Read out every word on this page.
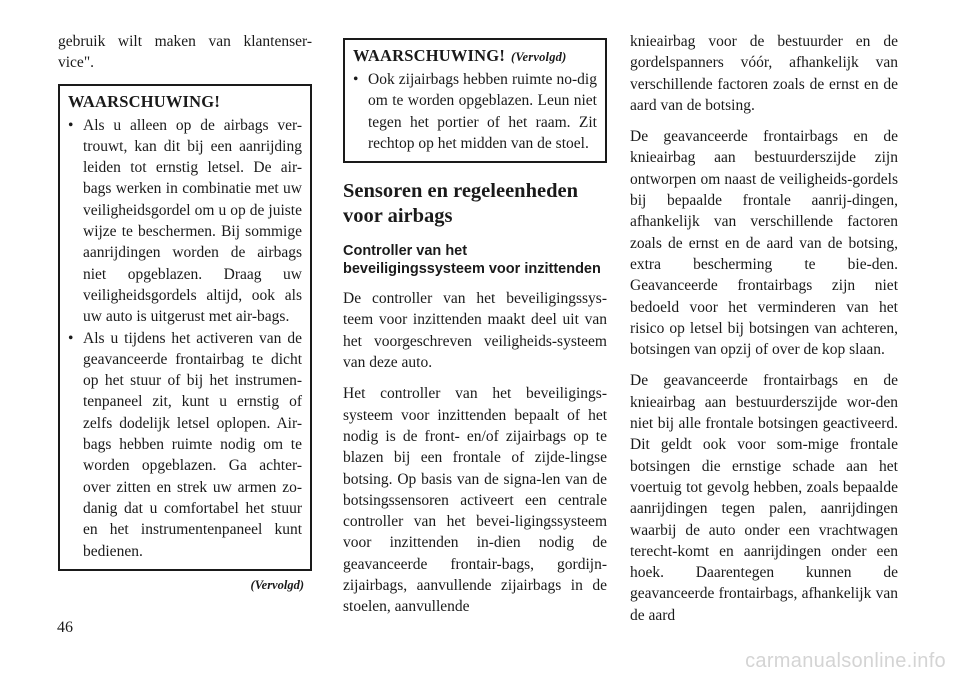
gebruik wilt maken van klantenser-vice".

WAARSCHUWING!
• Als u alleen op de airbags ver-trouwt, kan dit bij een aanrijding leiden tot ernstig letsel. De air-bags werken in combinatie met uw veiligheidsgordel om u op de juiste wijze te beschermen. Bij sommige aanrijdingen worden de airbags niet opgeblazen. Draag uw veiligheidsgordels altijd, ook als uw auto is uitgerust met air-bags.
• Als u tijdens het activeren van de geavanceerde frontairbag te dicht op het stuur of bij het instrumen-tenpaneel zit, kunt u ernstig of zelfs dodelijk letsel oplopen. Air-bags hebben ruimte nodig om te worden opgeblazen. Ga achter-over zitten en strek uw armen zo-danig dat u comfortabel het stuur en het instrumentenpaneel kunt bedienen.
(Vervolgd)
WAARSCHUWING! (Vervolgd)
• Ook zijairbags hebben ruimte no-dig om te worden opgeblazen. Leun niet tegen het portier of het raam. Zit rechtop op het midden van de stoel.
Sensoren en regeleenheden voor airbags
Controller van het beveiligingssysteem voor inzittenden

De controller van het beveiligingssys-teem voor inzittenden maakt deel uit van het voorgeschreven veiligheids-systeem van deze auto.

Het controller van het beveiligings-systeem voor inzittenden bepaalt of het nodig is de front- en/of zijairbags op te blazen bij een frontale of zijde-lingse botsing. Op basis van de signa-len van de botsingssensoren activeert een centrale controller van het bevei-ligingssysteem voor inzittenden in-dien nodig de geavanceerde frontair-bags, gordijn-zijairbags, aanvullende zijairbags in de stoelen, aanvullende

knieairbag voor de bestuurder en de gordelspanners vóór, afhankelijk van verschillende factoren zoals de ernst en de aard van de botsing.

De geavanceerde frontairbags en de knieairbag aan bestuurderszijde zijn ontworpen om naast de veiligheids-gordels bij bepaalde frontale aanrij-dingen, afhankelijk van verschillende factoren zoals de ernst en de aard van de botsing, extra bescherming te bie-den. Geavanceerde frontairbags zijn niet bedoeld voor het verminderen van het risico op letsel bij botsingen van achteren, botsingen van opzij of over de kop slaan.

De geavanceerde frontairbags en de knieairbag aan bestuurderszijde wor-den niet bij alle frontale botsingen geactiveerd. Dit geldt ook voor som-mige frontale botsingen die ernstige schade aan het voertuig tot gevolg hebben, zoals bepaalde aanrijdingen tegen palen, aanrijdingen waarbij de auto onder een vrachtwagen terecht-komt en aanrijdingen onder een hoek. Daarentegen kunnen de geavanceerde frontairbags, afhankelijk van de aard

46
carmanualsonline.info
